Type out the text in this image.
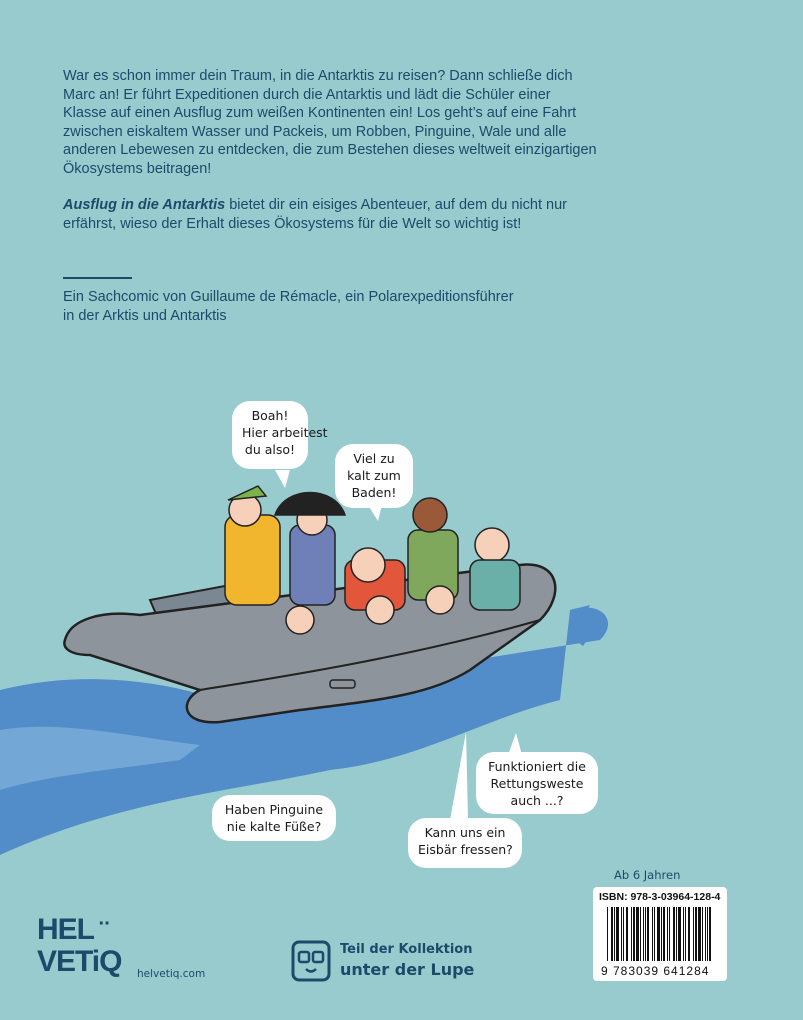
War es schon immer dein Traum, in die Antarktis zu reisen? Dann schließe dich
Marc an! Er führt Expeditionen durch die Antarktis und lädt die Schüler einer
Klasse auf einen Ausflug zum weißen Kontinenten ein! Los geht’s auf eine Fahrt
zwischen eiskaltem Wasser und Packeis, um Robben, Pinguine, Wale und alle
anderen Lebewesen zu entdecken, die zum Bestehen dieses weltweit einzigartigen
Ökosystems beitragen!
Ausflug in die Antarktis bietet dir ein eisiges Abenteuer, auf dem du nicht nur
erfährst, wieso der Erhalt dieses Ökosystems für die Welt so wichtig ist!
Ein Sachcomic von Guillaume de Rémacle, ein Polarexpeditionsführer
in der Arktis und Antarktis
Boah!
Hier arbeitest
du also!
Viel zu
kalt zum
Baden!
Funktioniert die
Rettungsweste
auch ...?
Haben Pinguine
nie kalte Füße?	Kann uns ein
Eisbär fressen?
HEL ··
VETiQ helvetiq.com
Teil der Kollektion
unter der Lupe
Ab 6 Jahren
ISBN: 978-3-03964-128-4
9 783039 641284
